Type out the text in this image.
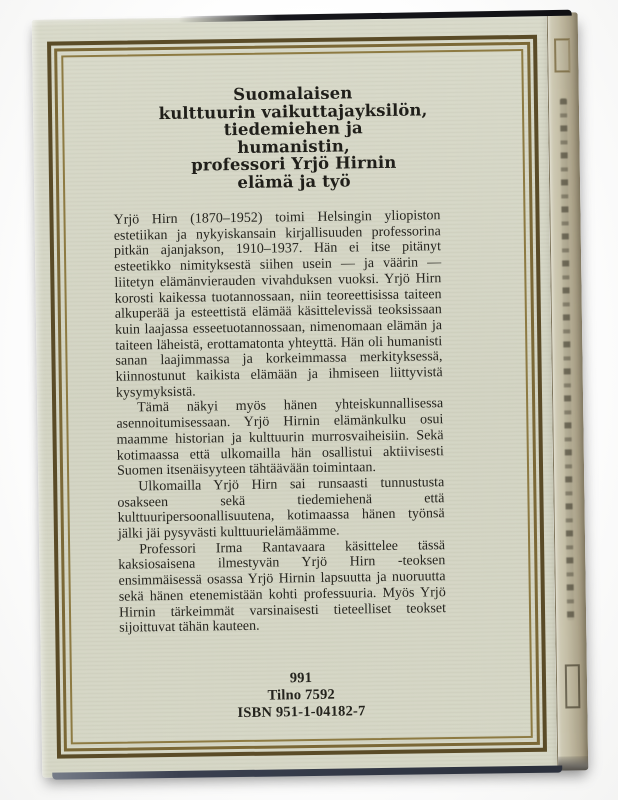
Suomalaisen
kulttuurin vaikuttajayksilön,
tiedemiehen ja
humanistin,
professori Yrjö Hirnin
elämä ja työ

Yrjö Hirn (1870–1952) toimi Helsingin yliopiston estetiikan ja nykyiskansain kirjallisuuden professorina pitkän ajanjakson, 1910–1937. Hän ei itse pitänyt esteetikko nimityksestä siihen usein — ja väärin — liitetyn elämänvierauden vivahduksen vuoksi. Yrjö Hirn korosti kaikessa tuotannossaan, niin teoreettisissa taiteen alkuperää ja esteettistä elämää käsittelevissä teoksissaan kuin laajassa esseetuotannossaan, nimenomaan elämän ja taiteen läheistä, erottamatonta yhteyttä. Hän oli humanisti sanan laajimmassa ja korkeimmassa merkityksessä, kiinnostunut kaikista elämään ja ihmiseen liittyvistä kysymyksistä.

Tämä näkyi myös hänen yhteiskunnallisessa asennoitumisessaan. Yrjö Hirnin elämänkulku osui maamme historian ja kulttuurin murrosvaiheisiin. Sekä kotimaassa että ulkomailla hän osallistui aktiivisesti Suomen itsenäisyyteen tähtäävään toimintaan.

Ulkomailla Yrjö Hirn sai runsaasti tunnustusta osakseen sekä tiedemiehenä että kulttuuripersoonallisuutena, kotimaassa hänen työnsä jälki jäi pysyvästi kulttuurielämäämme.

Professori Irma Rantavaara käsittelee tässä kaksiosaisena ilmestyvän Yrjö Hirn -teoksen ensimmäisessä osassa Yrjö Hirnin lapsuutta ja nuoruutta sekä hänen etenemistään kohti professuuria. Myös Yrjö Hirnin tärkeimmät varsinaisesti tieteelliset teokset sijoittuvat tähän kauteen.

991
Tilno 7592
ISBN 951-1-04182-7
